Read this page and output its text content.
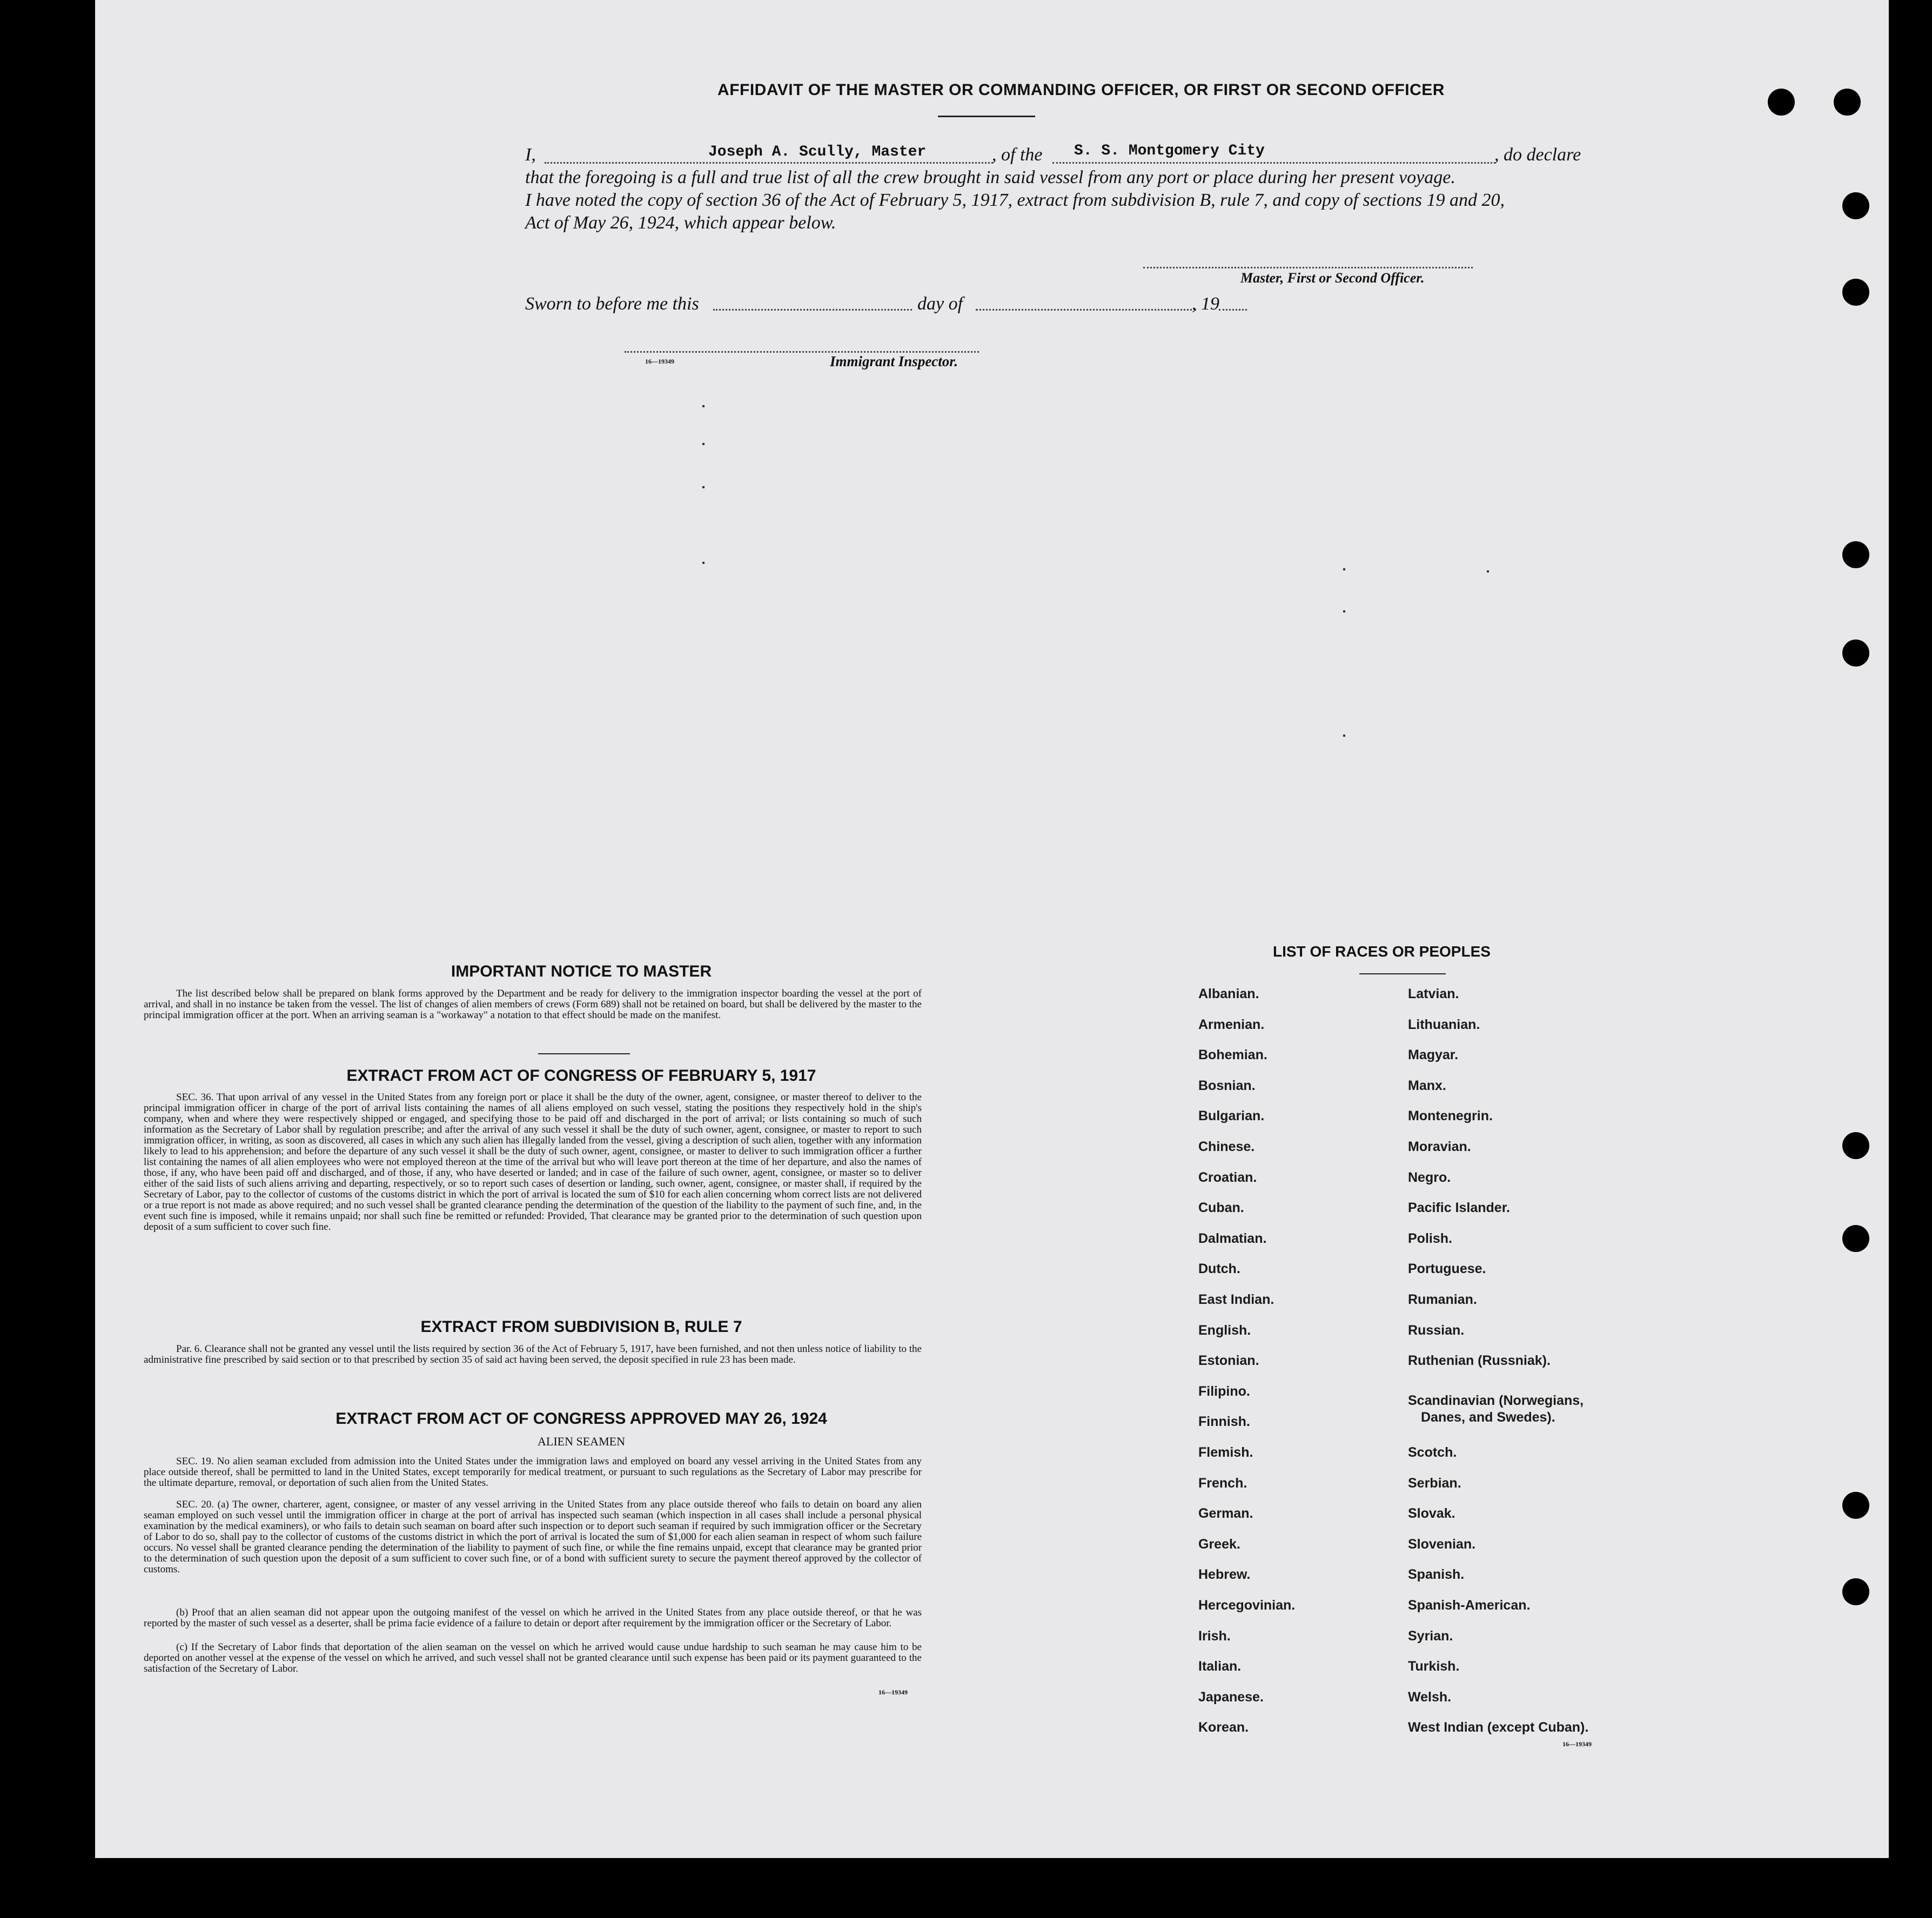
AFFIDAVIT OF THE MASTER OR COMMANDING OFFICER, OR FIRST OR SECOND OFFICER
I,	Joseph A. Scully, Master	, of the S. S. Montgomery City	, do declare
that the foregoing is a full and true list of all the crew brought in said vessel from any port or place during her present voyage.
I have noted the copy of section 36 of the Act of February 5, 1917, extract from subdivision B, rule 7, and copy of sections 19 and 20,
Act of May 26, 1924, which appear below.
Master, First or Second Officer.
Sworn to before me this	day of	, 19
16—19349	Immigrant Inspector.
IMPORTANT NOTICE TO MASTER
The list described below shall be prepared on blank forms approved by the Department and be ready for delivery to the immigration inspector boarding the vessel at the port of arrival, and shall in no instance be taken from the vessel. The list of changes of alien members of crews (Form 689) shall not be retained on board, but shall be delivered by the master to the principal immigration officer at the port. When an arriving seaman is a "workaway" a notation to that effect should be made on the manifest.
EXTRACT FROM ACT OF CONGRESS OF FEBRUARY 5, 1917
SEC. 36. That upon arrival of any vessel in the United States from any foreign port or place it shall be the duty of the owner, agent, consignee, or master thereof to deliver to the principal immigration officer in charge of the port of arrival lists containing the names of all aliens employed on such vessel, stating the positions they respectively hold in the ship's company, when and where they were respectively shipped or engaged, and specifying those to be paid off and discharged in the port of arrival; or lists containing so much of such information as the Secretary of Labor shall by regulation prescribe; and after the arrival of any such vessel it shall be the duty of such owner, agent, consignee, or master to report to such immigration officer, in writing, as soon as discovered, all cases in which any such alien has illegally landed from the vessel, giving a description of such alien, together with any information likely to lead to his apprehension; and before the departure of any such vessel it shall be the duty of such owner, agent, consignee, or master to deliver to such immigration officer a further list containing the names of all alien employees who were not employed thereon at the time of the arrival but who will leave port thereon at the time of her departure, and also the names of those, if any, who have been paid off and discharged, and of those, if any, who have deserted or landed; and in case of the failure of such owner, agent, consignee, or master so to deliver either of the said lists of such aliens arriving and departing, respectively, or so to report such cases of desertion or landing, such owner, agent, consignee, or master shall, if required by the Secretary of Labor, pay to the collector of customs of the customs district in which the port of arrival is located the sum of $10 for each alien concerning whom correct lists are not delivered or a true report is not made as above required; and no such vessel shall be granted clearance pending the determination of the question of the liability to the payment of such fine, and, in the event such fine is imposed, while it remains unpaid; nor shall such fine be remitted or refunded: Provided, That clearance may be granted prior to the determination of such question upon deposit of a sum sufficient to cover such fine.
EXTRACT FROM SUBDIVISION B, RULE 7
Par. 6. Clearance shall not be granted any vessel until the lists required by section 36 of the Act of February 5, 1917, have been furnished, and not then unless notice of liability to the administrative fine prescribed by said section or to that prescribed by section 35 of said act having been served, the deposit specified in rule 23 has been made.
EXTRACT FROM ACT OF CONGRESS APPROVED MAY 26, 1924
ALIEN SEAMEN
SEC. 19. No alien seaman excluded from admission into the United States under the immigration laws and employed on board any vessel arriving in the United States from any place outside thereof, shall be permitted to land in the United States, except temporarily for medical treatment, or pursuant to such regulations as the Secretary of Labor may prescribe for the ultimate departure, removal, or deportation of such alien from the United States.
SEC. 20. (a) The owner, charterer, agent, consignee, or master of any vessel arriving in the United States from any place outside thereof who fails to detain on board any alien seaman employed on such vessel until the immigration officer in charge at the port of arrival has inspected such seaman (which inspection in all cases shall include a personal physical examination by the medical examiners), or who fails to detain such seaman on board after such inspection or to deport such seaman if required by such immigration officer or the Secretary of Labor to do so, shall pay to the collector of customs of the customs district in which the port of arrival is located the sum of $1,000 for each alien seaman in respect of whom such failure occurs. No vessel shall be granted clearance pending the determination of the liability to payment of such fine, or while the fine remains unpaid, except that clearance may be granted prior to the determination of such question upon the deposit of a sum sufficient to cover such fine, or of a bond with sufficient surety to secure the payment thereof approved by the collector of customs.
(b) Proof that an alien seaman did not appear upon the outgoing manifest of the vessel on which he arrived in the United States from any place outside thereof, or that he was reported by the master of such vessel as a deserter, shall be prima facie evidence of a failure to detain or deport after requirement by the immigration officer or the Secretary of Labor.
(c) If the Secretary of Labor finds that deportation of the alien seaman on the vessel on which he arrived would cause undue hardship to such seaman he may cause him to be deported on another vessel at the expense of the vessel on which he arrived, and such vessel shall not be granted clearance until such expense has been paid or its payment guaranteed to the satisfaction of the Secretary of Labor.
16—19349
LIST OF RACES OR PEOPLES
Albanian.
Armenian.
Bohemian.
Bosnian.
Bulgarian.
Chinese.
Croatian.
Cuban.
Dalmatian.
Dutch.
East Indian.
English.
Estonian.
Filipino.
Finnish.
Flemish.
French.
German.
Greek.
Hebrew.
Hercegovinian.
Irish.
Italian.
Japanese.
Korean.
Latvian.
Lithuanian.
Magyar.
Manx.
Montenegrin.
Moravian.
Negro.
Pacific Islander.
Polish.
Portuguese.
Rumanian.
Russian.
Ruthenian (Russniak).
Scandinavian (Norwegians,
Danes, and Swedes).
Scotch.
Serbian.
Slovak.
Slovenian.
Spanish.
Spanish-American.
Syrian.
Turkish.
Welsh.
West Indian (except Cuban).
16—19349
